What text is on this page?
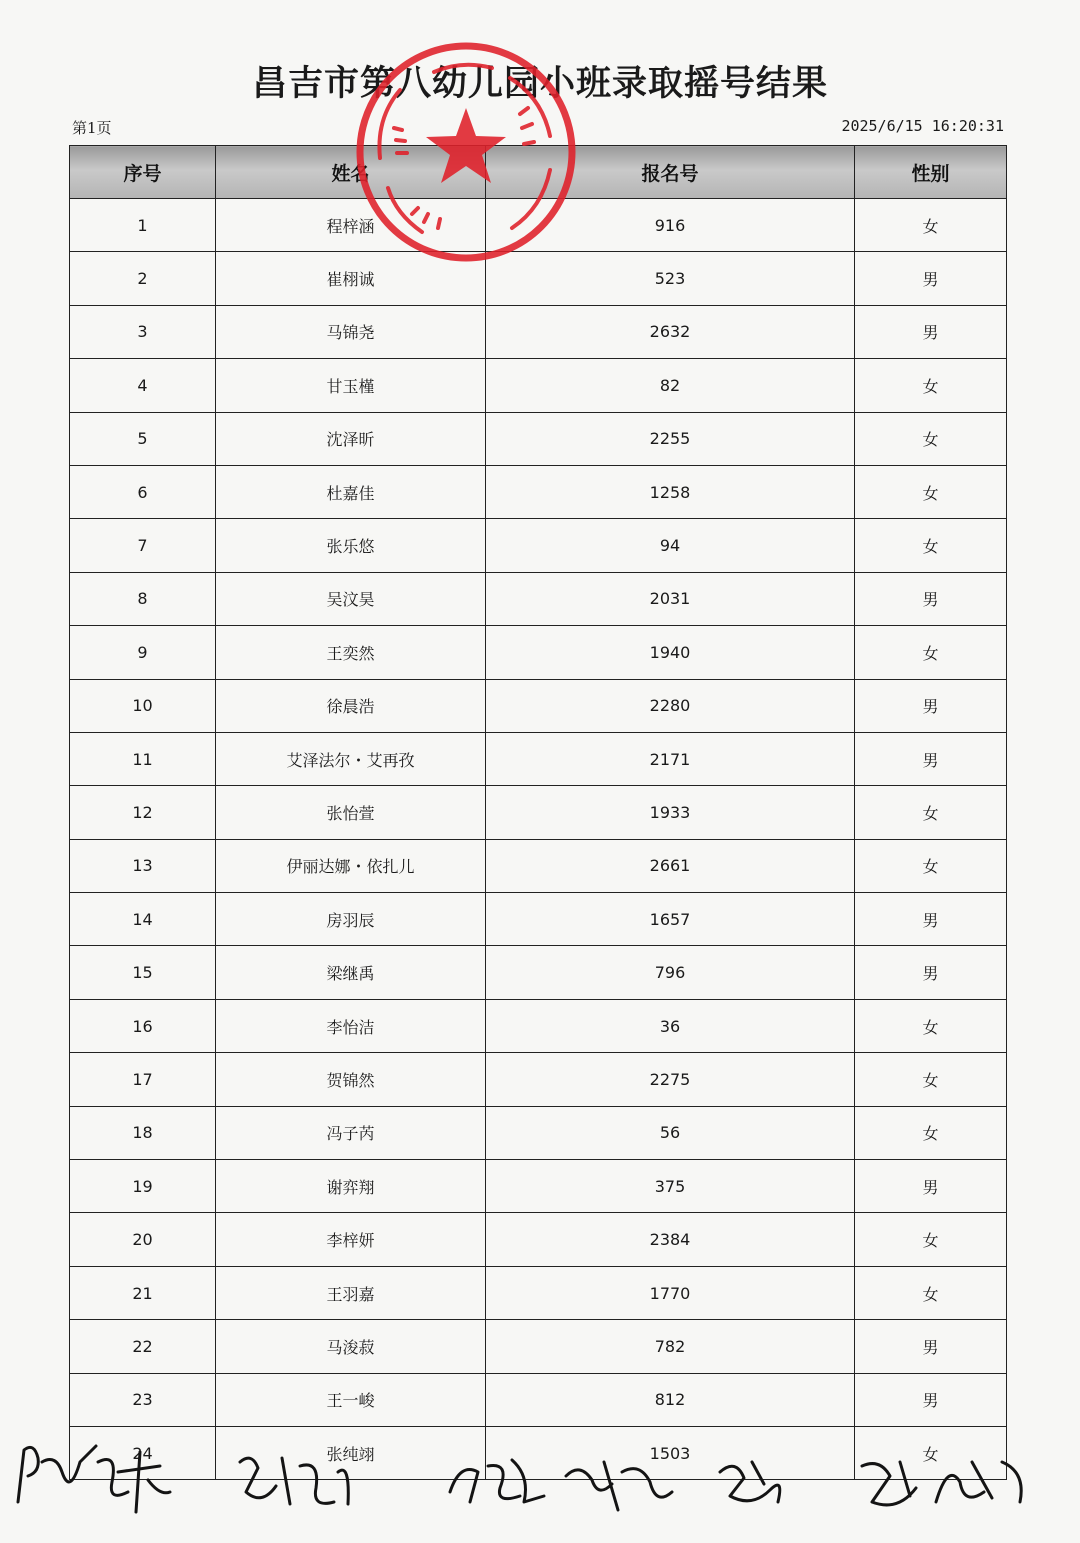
昌吉市第八幼儿园小班录取摇号结果
第1页	2025/6/15 16:20:31
序号	姓名	报名号	性别
1	程梓涵	916	女
2	崔栩诚	523	男
3	马锦尧	2632	男
4	甘玉槿	82	女
5	沈泽昕	2255	女
6	杜嘉佳	1258	女
7	张乐悠	94	女
8	吴汶昊	2031	男
9	王奕然	1940	女
10	徐晨浩	2280	男
11	艾泽法尔・艾再孜	2171	男
12	张怡萱	1933	女
13	伊丽达娜・依扎儿	2661	女
14	房羽辰	1657	男
15	梁继禹	796	男
16	李怡洁	36	女
17	贺锦然	2275	女
18	冯子芮	56	女
19	谢弈翔	375	男
20	李梓妍	2384	女
21	王羽嘉	1770	女
22	马浚菽	782	男
23	王一峻	812	男
24	张纯翊	1503	女
